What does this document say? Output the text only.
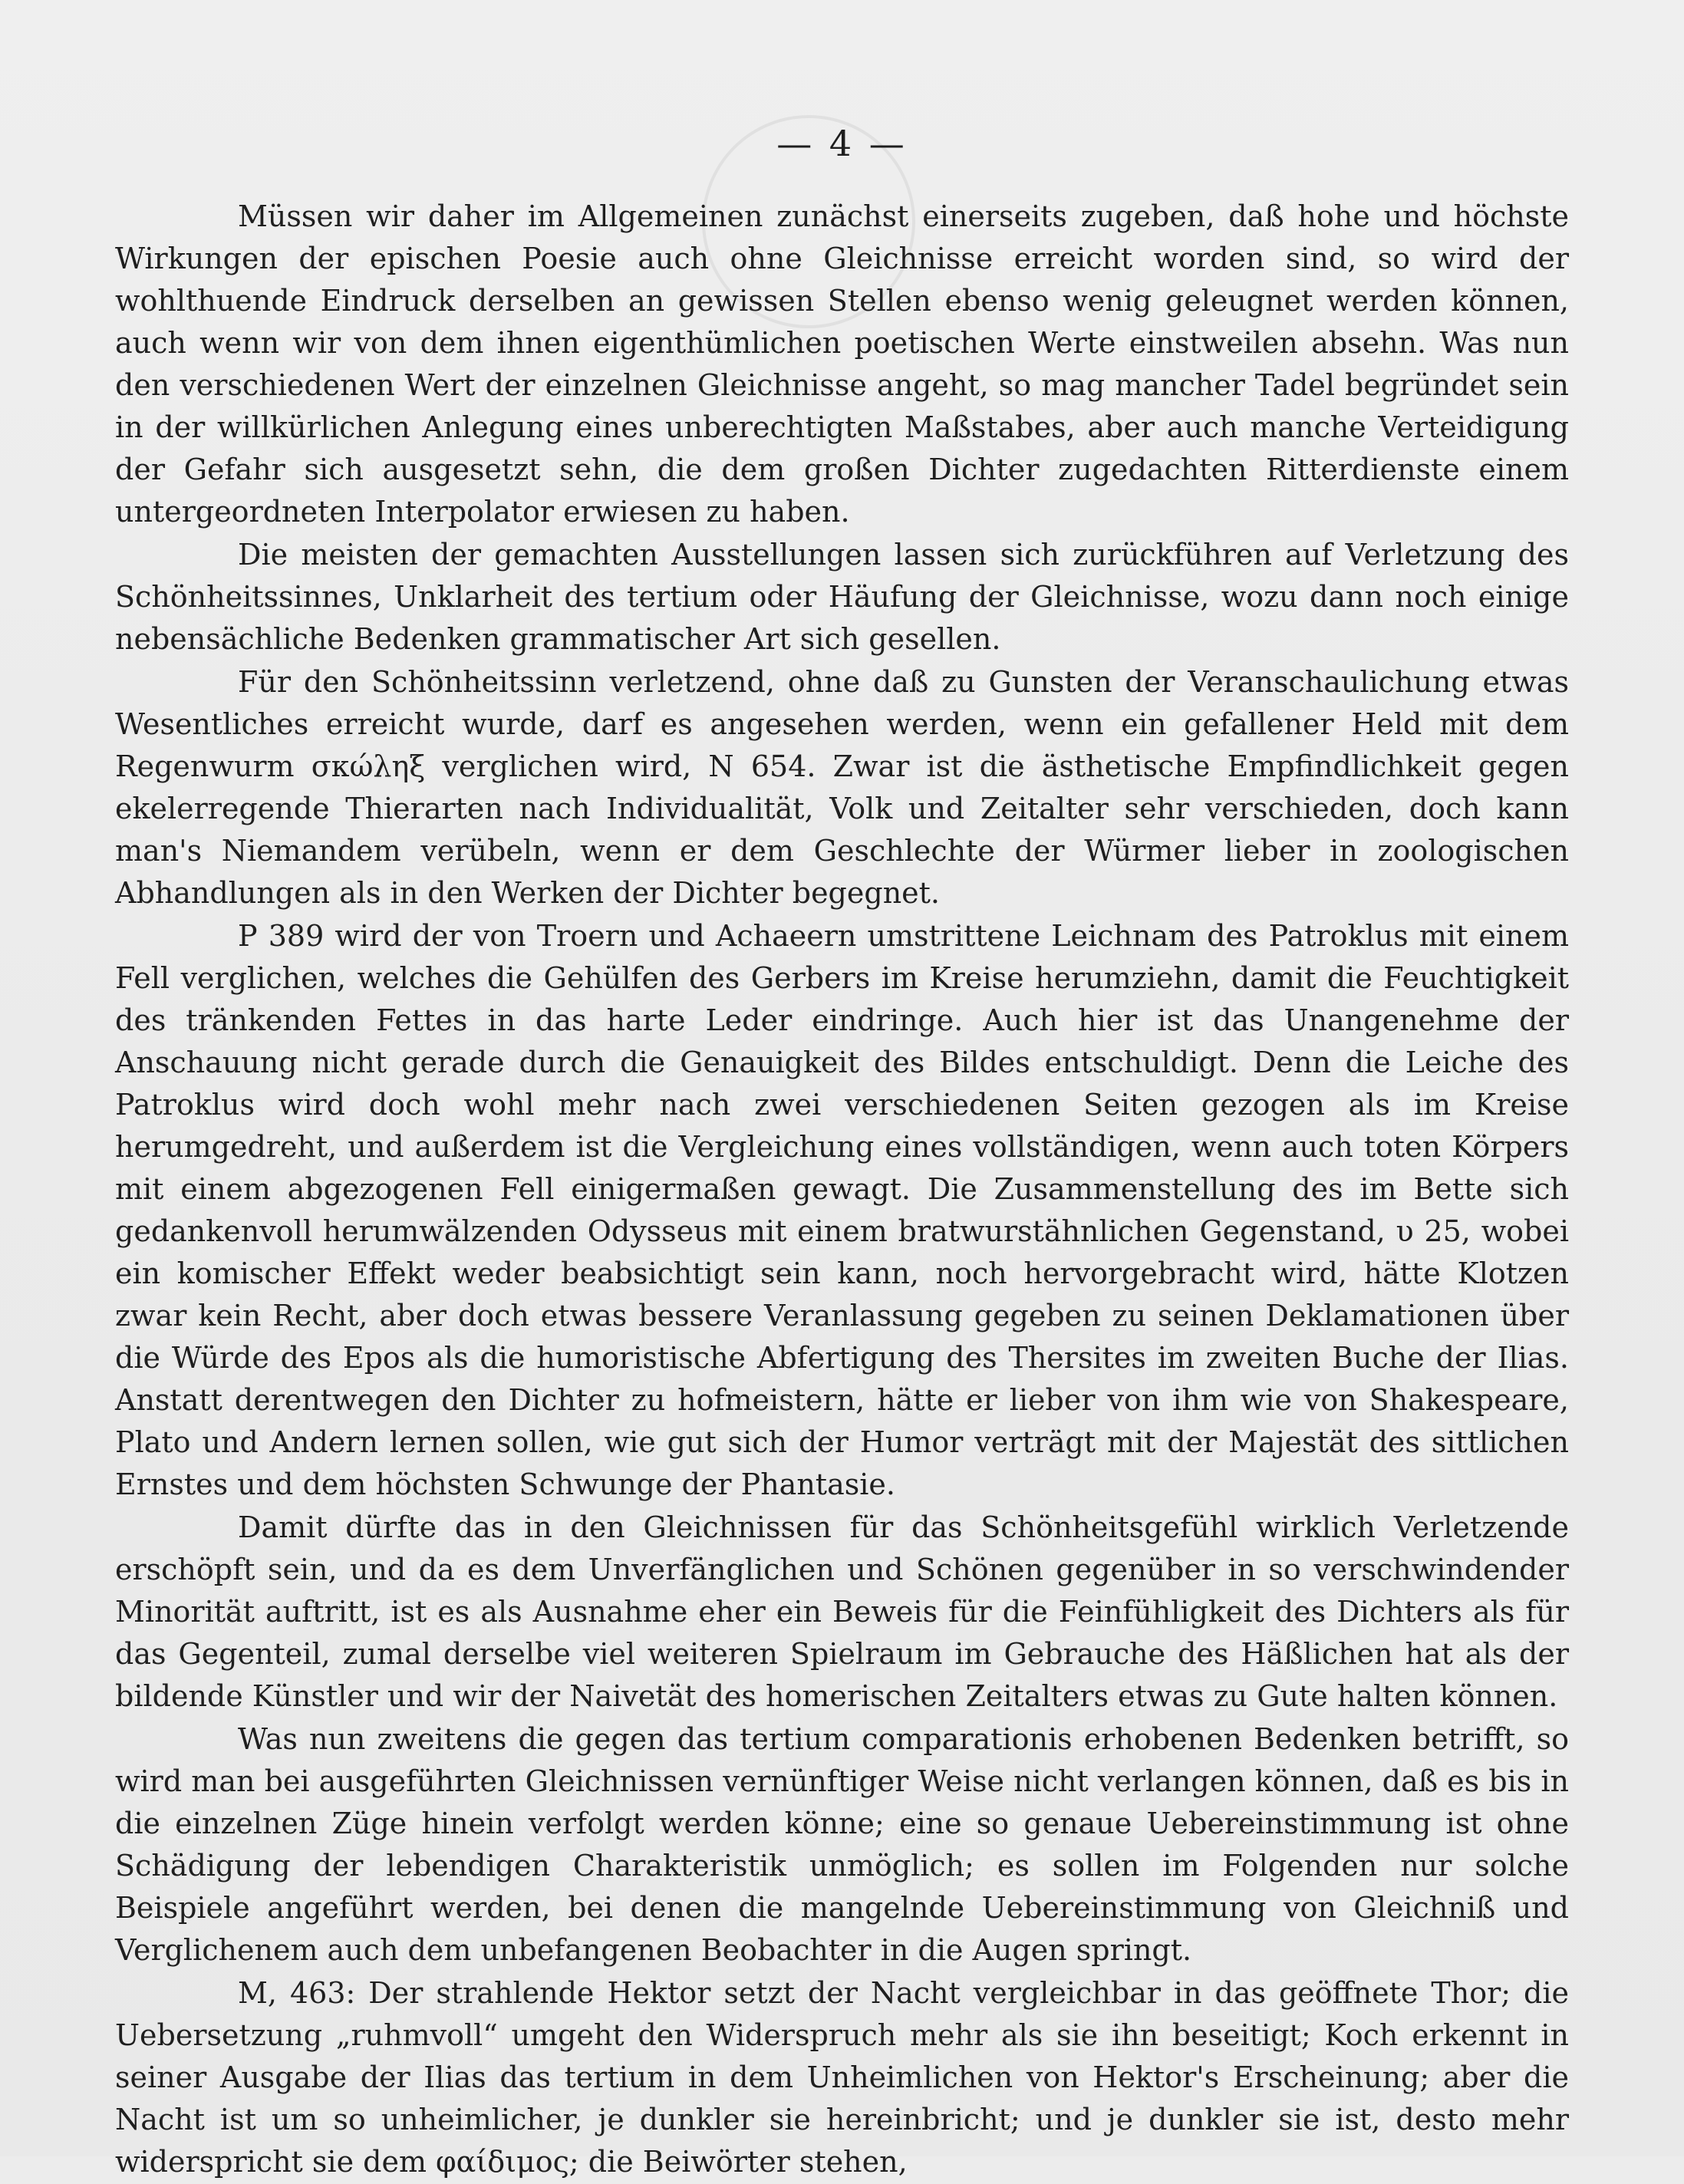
— 4 —

Müssen wir daher im Allgemeinen zunächst einerseits zugeben, daß hohe und höchste Wirkungen der epischen Poesie auch ohne Gleichnisse erreicht worden sind, so wird der wohlthuende Eindruck derselben an gewissen Stellen ebenso wenig geleugnet werden können, auch wenn wir von dem ihnen eigenthümlichen poetischen Werte einstweilen absehn. Was nun den verschiedenen Wert der einzelnen Gleichnisse angeht, so mag mancher Tadel begründet sein in der willkürlichen Anlegung eines unberechtigten Maßstabes, aber auch manche Verteidigung der Gefahr sich ausgesetzt sehn, die dem großen Dichter zugedachten Ritterdienste einem untergeordneten Interpolator erwiesen zu haben.

Die meisten der gemachten Ausstellungen lassen sich zurückführen auf Verletzung des Schönheitssinnes, Unklarheit des tertium oder Häufung der Gleichnisse, wozu dann noch einige nebensächliche Bedenken grammatischer Art sich gesellen.

Für den Schönheitssinn verletzend, ohne daß zu Gunsten der Veranschaulichung etwas Wesentliches erreicht wurde, darf es angesehen werden, wenn ein gefallener Held mit dem Regenwurm σκώληξ verglichen wird, N 654. Zwar ist die ästhetische Empfindlichkeit gegen ekelerregende Thierarten nach Individualität, Volk und Zeitalter sehr verschieden, doch kann man's Niemandem verübeln, wenn er dem Geschlechte der Würmer lieber in zoologischen Abhandlungen als in den Werken der Dichter begegnet.

P 389 wird der von Troern und Achaeern umstrittene Leichnam des Patroklus mit einem Fell verglichen, welches die Gehülfen des Gerbers im Kreise herumziehn, damit die Feuchtigkeit des tränkenden Fettes in das harte Leder eindringe. Auch hier ist das Unangenehme der Anschauung nicht gerade durch die Genauigkeit des Bildes entschuldigt. Denn die Leiche des Patroklus wird doch wohl mehr nach zwei verschiedenen Seiten gezogen als im Kreise herumgedreht, und außerdem ist die Vergleichung eines vollständigen, wenn auch toten Körpers mit einem abgezogenen Fell einigermaßen gewagt. Die Zusammenstellung des im Bette sich gedankenvoll herumwälzenden Odysseus mit einem bratwurstähnlichen Gegenstand, υ 25, wobei ein komischer Effekt weder beabsichtigt sein kann, noch hervorgebracht wird, hätte Klotzen zwar kein Recht, aber doch etwas bessere Veranlassung gegeben zu seinen Deklamationen über die Würde des Epos als die humoristische Abfertigung des Thersites im zweiten Buche der Ilias. Anstatt derentwegen den Dichter zu hofmeistern, hätte er lieber von ihm wie von Shakespeare, Plato und Andern lernen sollen, wie gut sich der Humor verträgt mit der Majestät des sittlichen Ernstes und dem höchsten Schwunge der Phantasie.

Damit dürfte das in den Gleichnissen für das Schönheitsgefühl wirklich Verletzende erschöpft sein, und da es dem Unverfänglichen und Schönen gegenüber in so verschwindender Minorität auftritt, ist es als Ausnahme eher ein Beweis für die Feinfühligkeit des Dichters als für das Gegenteil, zumal derselbe viel weiteren Spielraum im Gebrauche des Häßlichen hat als der bildende Künstler und wir der Naivetät des homerischen Zeitalters etwas zu Gute halten können.

Was nun zweitens die gegen das tertium comparationis erhobenen Bedenken betrifft, so wird man bei ausgeführten Gleichnissen vernünftiger Weise nicht verlangen können, daß es bis in die einzelnen Züge hinein verfolgt werden könne; eine so genaue Uebereinstimmung ist ohne Schädigung der lebendigen Charakteristik unmöglich; es sollen im Folgenden nur solche Beispiele angeführt werden, bei denen die mangelnde Uebereinstimmung von Gleichniß und Verglichenem auch dem unbefangenen Beobachter in die Augen springt.

M, 463: Der strahlende Hektor setzt der Nacht vergleichbar in das geöffnete Thor; die Uebersetzung „ruhmvoll“ umgeht den Widerspruch mehr als sie ihn beseitigt; Koch erkennt in seiner Ausgabe der Ilias das tertium in dem Unheimlichen von Hektor's Erscheinung; aber die Nacht ist um so unheimlicher, je dunkler sie hereinbricht; und je dunkler sie ist, desto mehr widerspricht sie dem φαίδιμος; die Beiwörter stehen,
